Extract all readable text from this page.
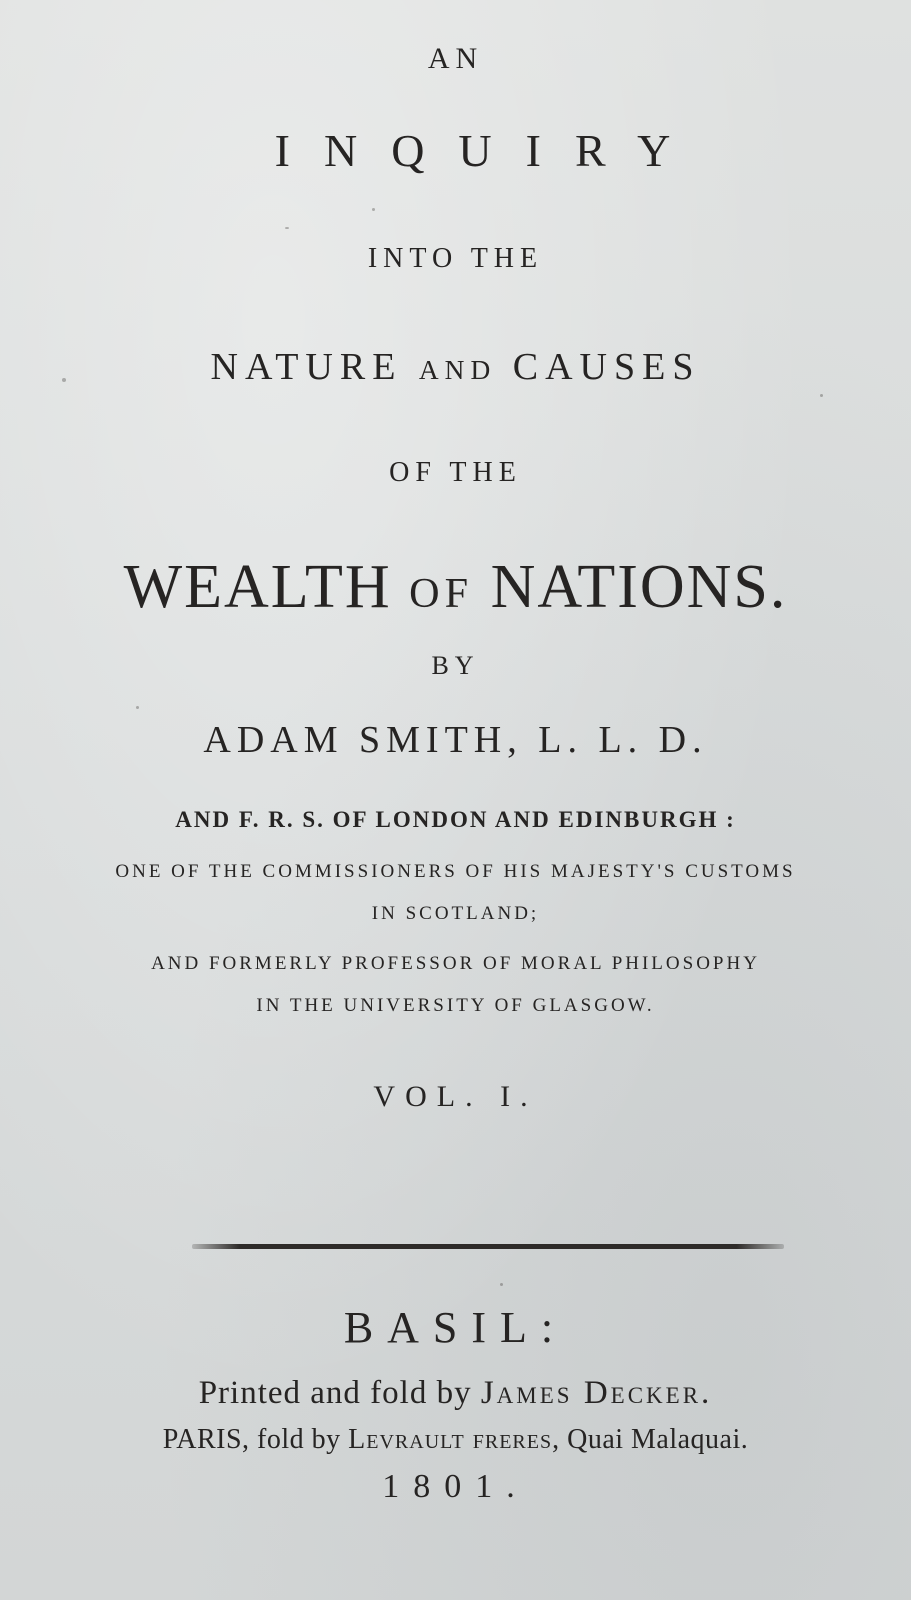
AN

INQUIRY

INTO THE

NATURE AND CAUSES

OF THE

WEALTH OF NATIONS.

BY

ADAM SMITH, L. L. D.

AND F. R. S. OF LONDON AND EDINBURGH :

ONE OF THE COMMISSIONERS OF HIS MAJESTY'S CUSTOMS

IN SCOTLAND;

AND FORMERLY PROFESSOR OF MORAL PHILOSOPHY

IN THE UNIVERSITY OF GLASGOW.

VOL. I.

BASIL:

Printed and fold by James Decker.

PARIS, fold by Levrault freres, Quai Malaquai.

1801.
